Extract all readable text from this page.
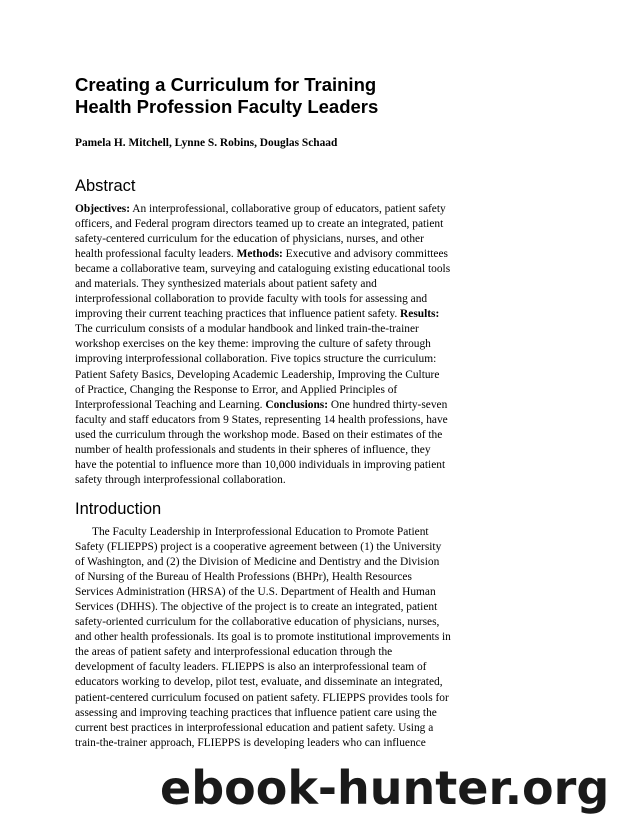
Creating a Curriculum for Training
Health Profession Faculty Leaders
Pamela H. Mitchell, Lynne S. Robins, Douglas Schaad
Abstract
Objectives: An interprofessional, collaborative group of educators, patient safety
officers, and Federal program directors teamed up to create an integrated, patient
safety-centered curriculum for the education of physicians, nurses, and other
health professional faculty leaders. Methods: Executive and advisory committees
became a collaborative team, surveying and cataloguing existing educational tools
and materials. They synthesized materials about patient safety and
interprofessional collaboration to provide faculty with tools for assessing and
improving their current teaching practices that influence patient safety. Results:
The curriculum consists of a modular handbook and linked train-the-trainer
workshop exercises on the key theme: improving the culture of safety through
improving interprofessional collaboration. Five topics structure the curriculum:
Patient Safety Basics, Developing Academic Leadership, Improving the Culture
of Practice, Changing the Response to Error, and Applied Principles of
Interprofessional Teaching and Learning. Conclusions: One hundred thirty-seven
faculty and staff educators from 9 States, representing 14 health professions, have
used the curriculum through the workshop mode. Based on their estimates of the
number of health professionals and students in their spheres of influence, they
have the potential to influence more than 10,000 individuals in improving patient
safety through interprofessional collaboration.
Introduction
The Faculty Leadership in Interprofessional Education to Promote Patient
Safety (FLIEPPS) project is a cooperative agreement between (1) the University
of Washington, and (2) the Division of Medicine and Dentistry and the Division
of Nursing of the Bureau of Health Professions (BHPr), Health Resources
Services Administration (HRSA) of the U.S. Department of Health and Human
Services (DHHS). The objective of the project is to create an integrated, patient
safety-oriented curriculum for the collaborative education of physicians, nurses,
and other health professionals. Its goal is to promote institutional improvements in
the areas of patient safety and interprofessional education through the
development of faculty leaders. FLIEPPS is also an interprofessional team of
educators working to develop, pilot test, evaluate, and disseminate an integrated,
patient-centered curriculum focused on patient safety. FLIEPPS provides tools for
assessing and improving teaching practices that influence patient care using the
current best practices in interprofessional education and patient safety. Using a
train-the-trainer approach, FLIEPPS is developing leaders who can influence
ebook-hunter.org
